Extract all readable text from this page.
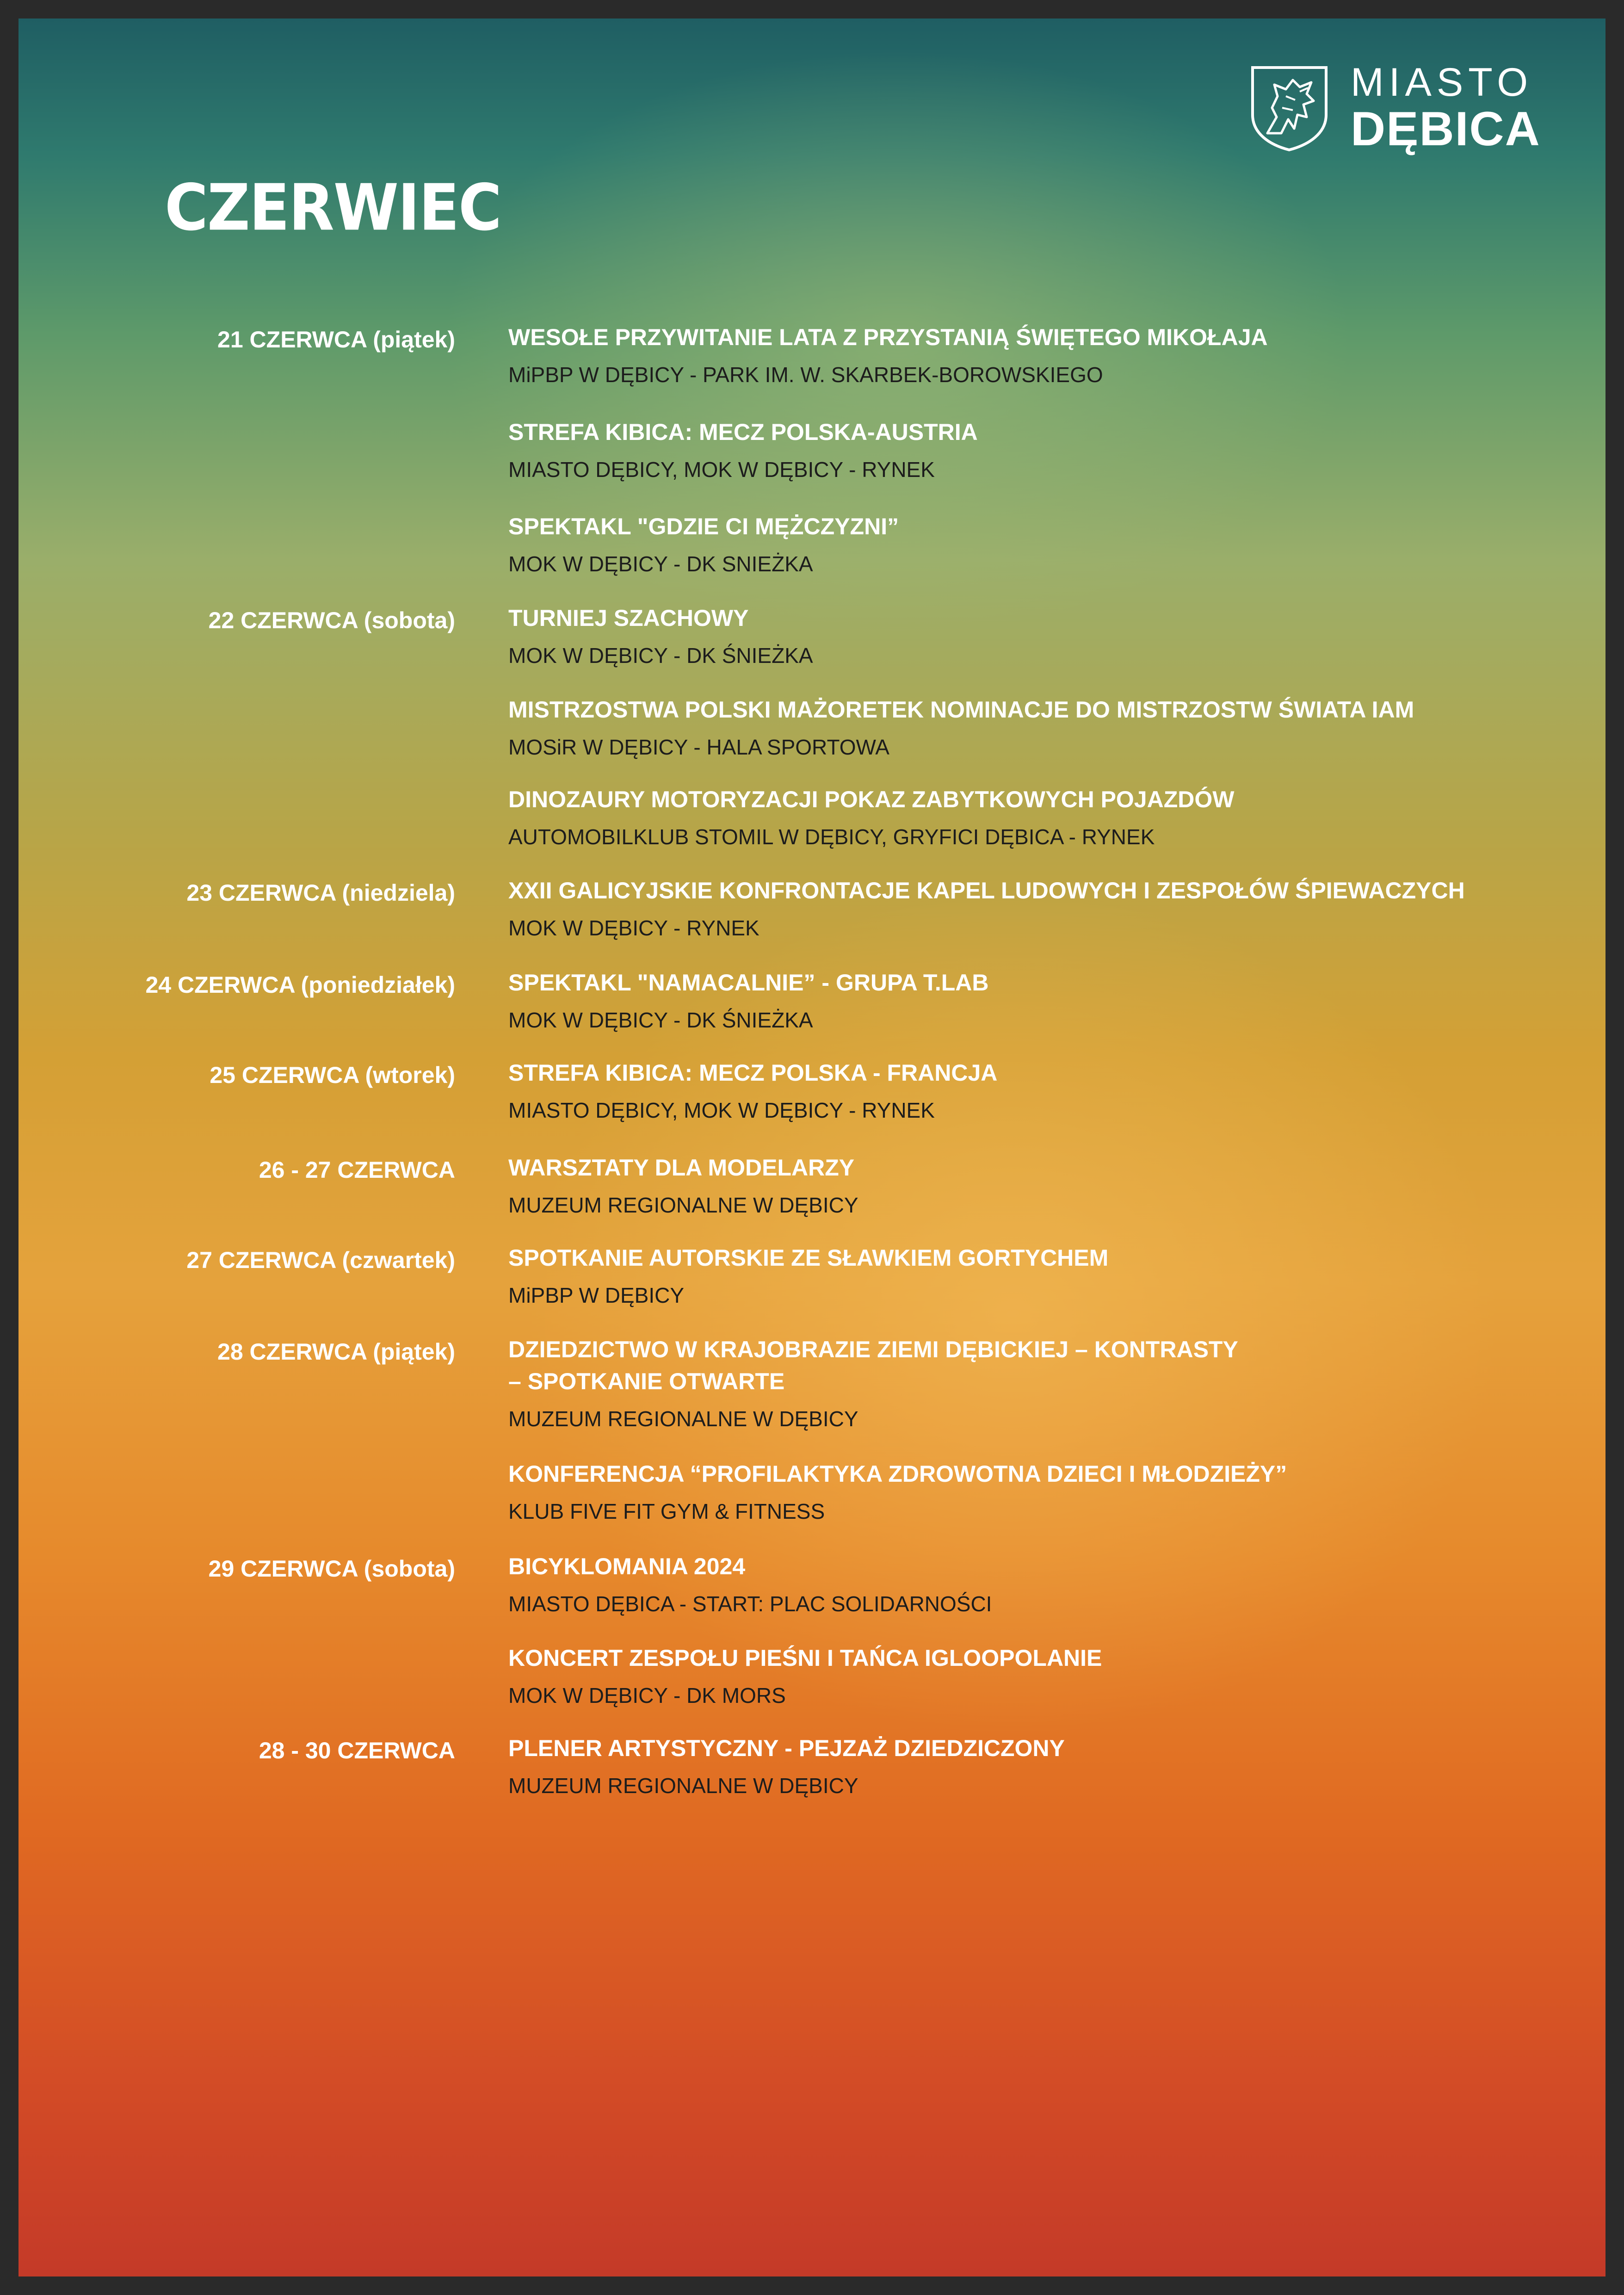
MIASTO
DĘBICA
CZERWIEC
21 CZERWCA (piątek)
22 CZERWCA (sobota)
23 CZERWCA (niedziela)
24 CZERWCA (poniedziałek)
25 CZERWCA (wtorek)
26 - 27 CZERWCA
27 CZERWCA (czwartek)
28 CZERWCA (piątek)
29 CZERWCA (sobota)
28 - 30 CZERWCA
WESOŁE PRZYWITANIE LATA Z PRZYSTANIĄ ŚWIĘTEGO MIKOŁAJA
MiPBP W DĘBICY - PARK IM. W. SKARBEK-BOROWSKIEGO
STREFA KIBICA: MECZ POLSKA-AUSTRIA
MIASTO DĘBICY, MOK W DĘBICY - RYNEK
SPEKTAKL "GDZIE CI MĘŻCZYZNI”
MOK W DĘBICY - DK SNIEŻKA
TURNIEJ SZACHOWY
MOK W DĘBICY - DK ŚNIEŻKA
MISTRZOSTWA POLSKI MAŻORETEK NOMINACJE DO MISTRZOSTW ŚWIATA IAM
MOSiR W DĘBICY - HALA SPORTOWA
DINOZAURY MOTORYZACJI POKAZ ZABYTKOWYCH POJAZDÓW
AUTOMOBILKLUB STOMIL W DĘBICY, GRYFICI DĘBICA - RYNEK
XXII GALICYJSKIE KONFRONTACJE KAPEL LUDOWYCH I ZESPOŁÓW ŚPIEWACZYCH
MOK W DĘBICY - RYNEK
SPEKTAKL "NAMACALNIE” - GRUPA T.LAB
MOK W DĘBICY - DK ŚNIEŻKA
STREFA KIBICA: MECZ POLSKA - FRANCJA
MIASTO DĘBICY, MOK W DĘBICY - RYNEK
WARSZTATY DLA MODELARZY
MUZEUM REGIONALNE W DĘBICY
SPOTKANIE AUTORSKIE ZE SŁAWKIEM GORTYCHEM
MiPBP W DĘBICY
DZIEDZICTWO W KRAJOBRAZIE ZIEMI DĘBICKIEJ – KONTRASTY
– SPOTKANIE OTWARTE
MUZEUM REGIONALNE W DĘBICY
KONFERENCJA “PROFILAKTYKA ZDROWOTNA DZIECI I MŁODZIEŻY”
KLUB FIVE FIT GYM & FITNESS
BICYKLOMANIA 2024
MIASTO DĘBICA - START: PLAC SOLIDARNOŚCI
KONCERT ZESPOŁU PIEŚNI I TAŃCA IGLOOPOLANIE
MOK W DĘBICY - DK MORS
PLENER ARTYSTYCZNY - PEJZAŻ DZIEDZICZONY
MUZEUM REGIONALNE W DĘBICY
